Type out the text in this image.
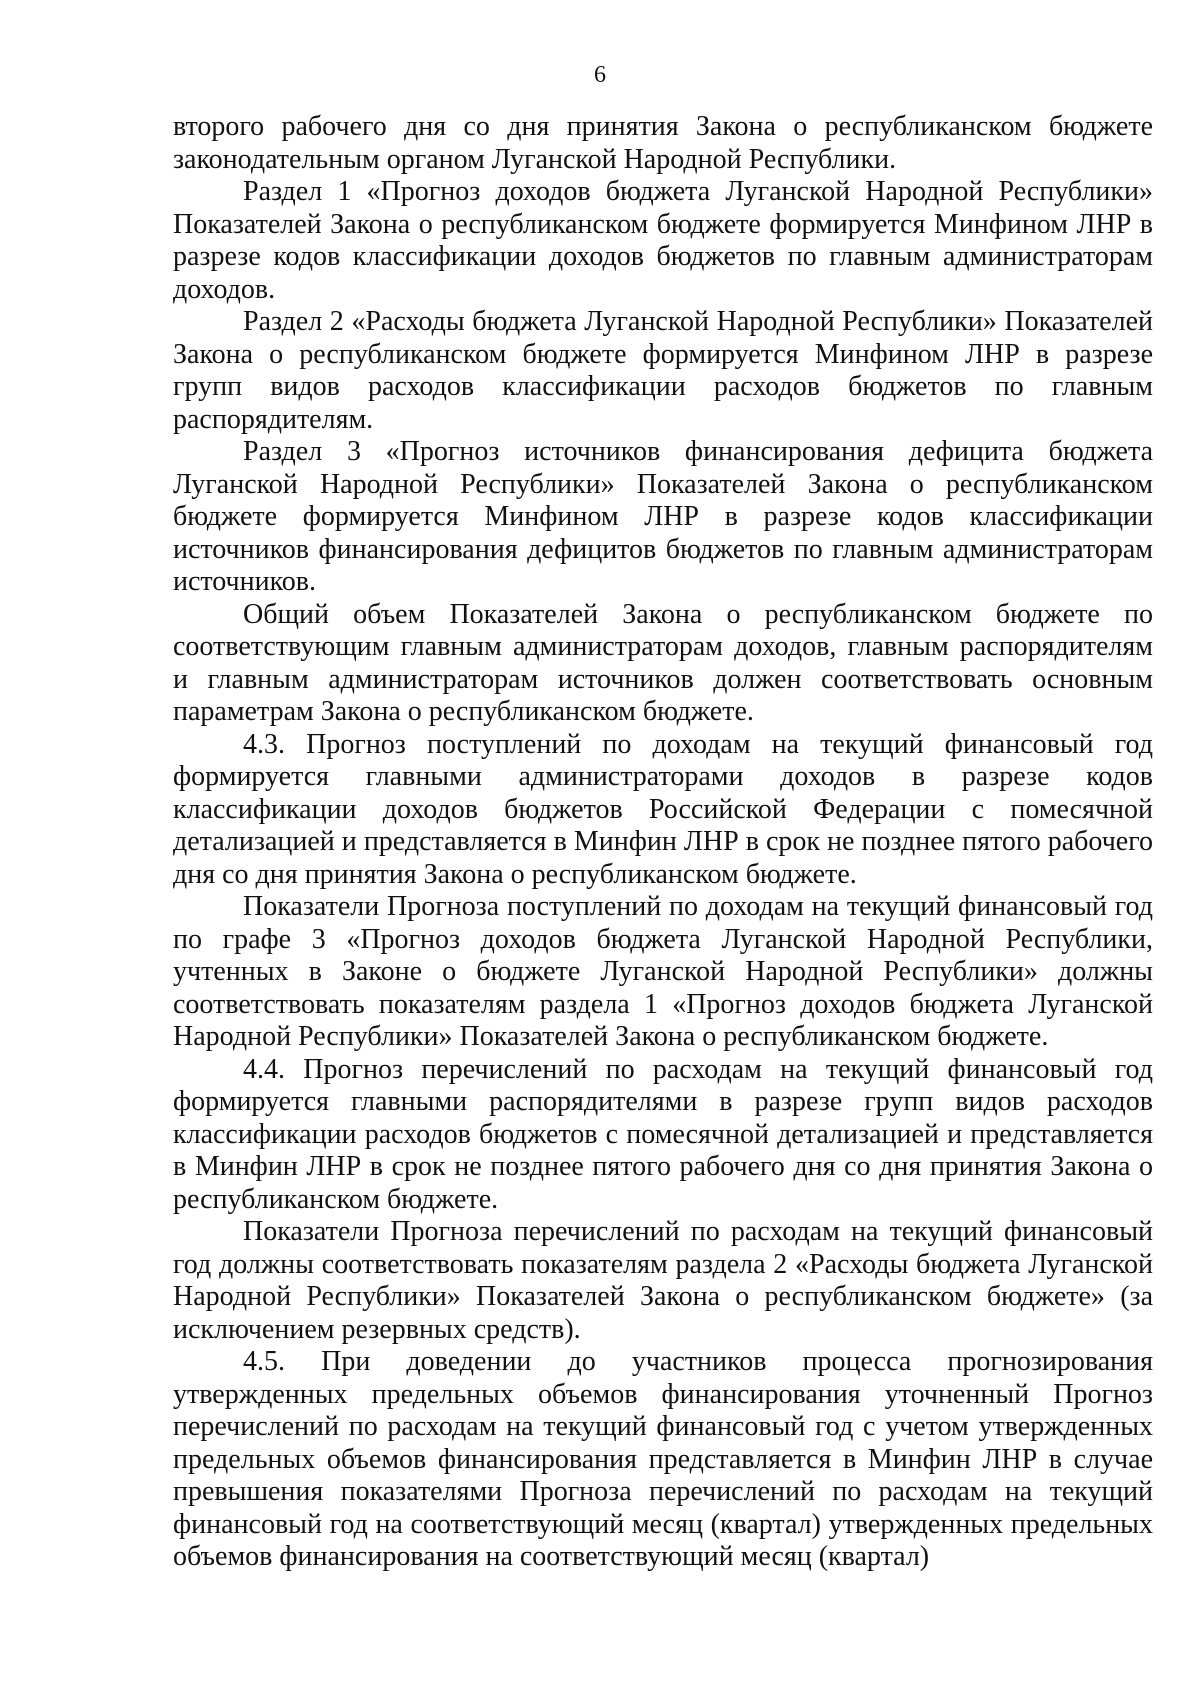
6

второго рабочего дня со дня принятия Закона о республиканском бюджете законодательным органом Луганской Народной Республики.

Раздел 1 «Прогноз доходов бюджета Луганской Народной Республики» Показателей Закона о республиканском бюджете формируется Минфином ЛНР в разрезе кодов классификации доходов бюджетов по главным администраторам доходов.

Раздел 2 «Расходы бюджета Луганской Народной Республики» Показателей Закона о республиканском бюджете формируется Минфином ЛНР в разрезе групп видов расходов классификации расходов бюджетов по главным распорядителям.

Раздел 3 «Прогноз источников финансирования дефицита бюджета Луганской Народной Республики» Показателей Закона о республиканском бюджете формируется Минфином ЛНР в разрезе кодов классификации источников финансирования дефицитов бюджетов по главным администраторам источников.

Общий объем Показателей Закона о республиканском бюджете по соответствующим главным администраторам доходов, главным распорядителям и главным администраторам источников должен соответствовать основным параметрам Закона о республиканском бюджете.

4.3. Прогноз поступлений по доходам на текущий финансовый год формируется главными администраторами доходов в разрезе кодов классификации доходов бюджетов Российской Федерации с помесячной детализацией и представляется в Минфин ЛНР в срок не позднее пятого рабочего дня со дня принятия Закона о республиканском бюджете.

Показатели Прогноза поступлений по доходам на текущий финансовый год по графе 3 «Прогноз доходов бюджета Луганской Народной Республики, учтенных в Законе о бюджете Луганской Народной Республики» должны соответствовать показателям раздела 1 «Прогноз доходов бюджета Луганской Народной Республики» Показателей Закона о республиканском бюджете.

4.4. Прогноз перечислений по расходам на текущий финансовый год формируется главными распорядителями в разрезе групп видов расходов классификации расходов бюджетов с помесячной детализацией и представляется в Минфин ЛНР в срок не позднее пятого рабочего дня со дня принятия Закона о республиканском бюджете.

Показатели Прогноза перечислений по расходам на текущий финансовый год должны соответствовать показателям раздела 2 «Расходы бюджета Луганской Народной Республики» Показателей Закона о республиканском бюджете» (за исключением резервных средств).

4.5. При доведении до участников процесса прогнозирования утвержденных предельных объемов финансирования уточненный Прогноз перечислений по расходам на текущий финансовый год с учетом утвержденных предельных объемов финансирования представляется в Минфин ЛНР в случае превышения показателями Прогноза перечислений по расходам на текущий финансовый год на соответствующий месяц (квартал) утвержденных предельных объемов финансирования на соответствующий месяц (квартал)
